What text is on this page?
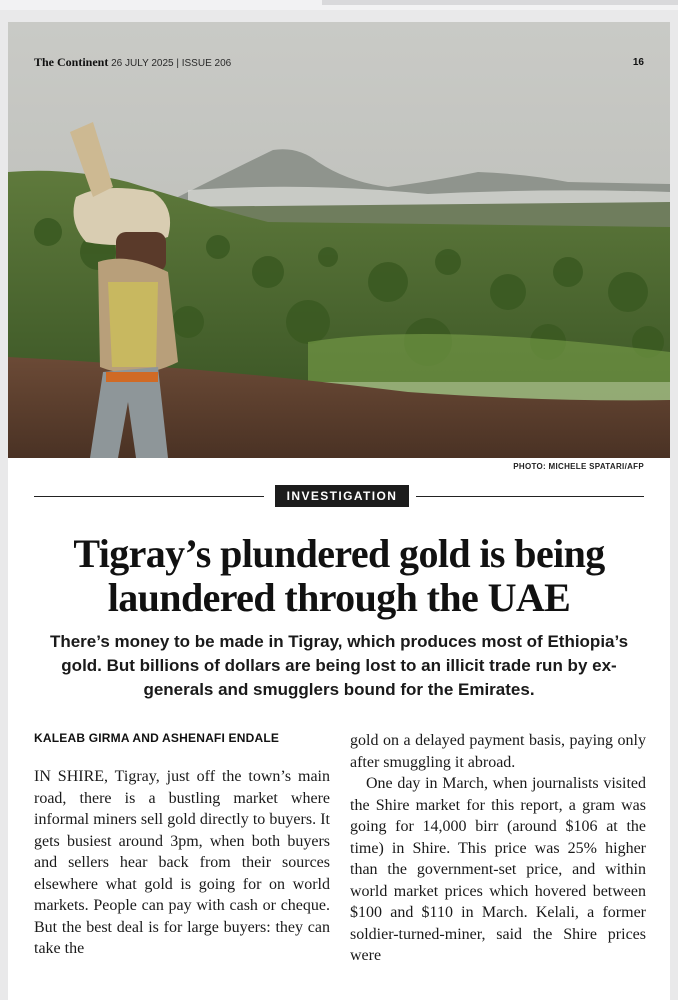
The Continent 26 JULY 2025 | ISSUE 206	16
PHOTO: MICHELE SPATARI/AFP
INVESTIGATION
Tigray’s plundered gold is being
laundered through the UAE

There’s money to be made in Tigray, which produces most of Ethiopia’s gold. But billions of dollars are being lost to an illicit trade run by ex-generals and smugglers bound for the Emirates.

KALEAB GIRMA AND ASHENAFI ENDALE

IN SHIRE, Tigray, just off the town’s main road, there is a bustling market where informal miners sell gold directly to buyers. It gets busiest around 3pm, when both buyers and sellers hear back from their sources elsewhere what gold is going for on world markets. People can pay with cash or cheque. But the best deal is for large buyers: they can take the

gold on a delayed payment basis, paying only after smuggling it abroad.

One day in March, when journalists visited the Shire market for this report, a gram was going for 14,000 birr (around $106 at the time) in Shire. This price was 25% higher than the government-set price, and within world market prices which hovered between $100 and $110 in March. Kelali, a former soldier-turned-miner, said the Shire prices were
